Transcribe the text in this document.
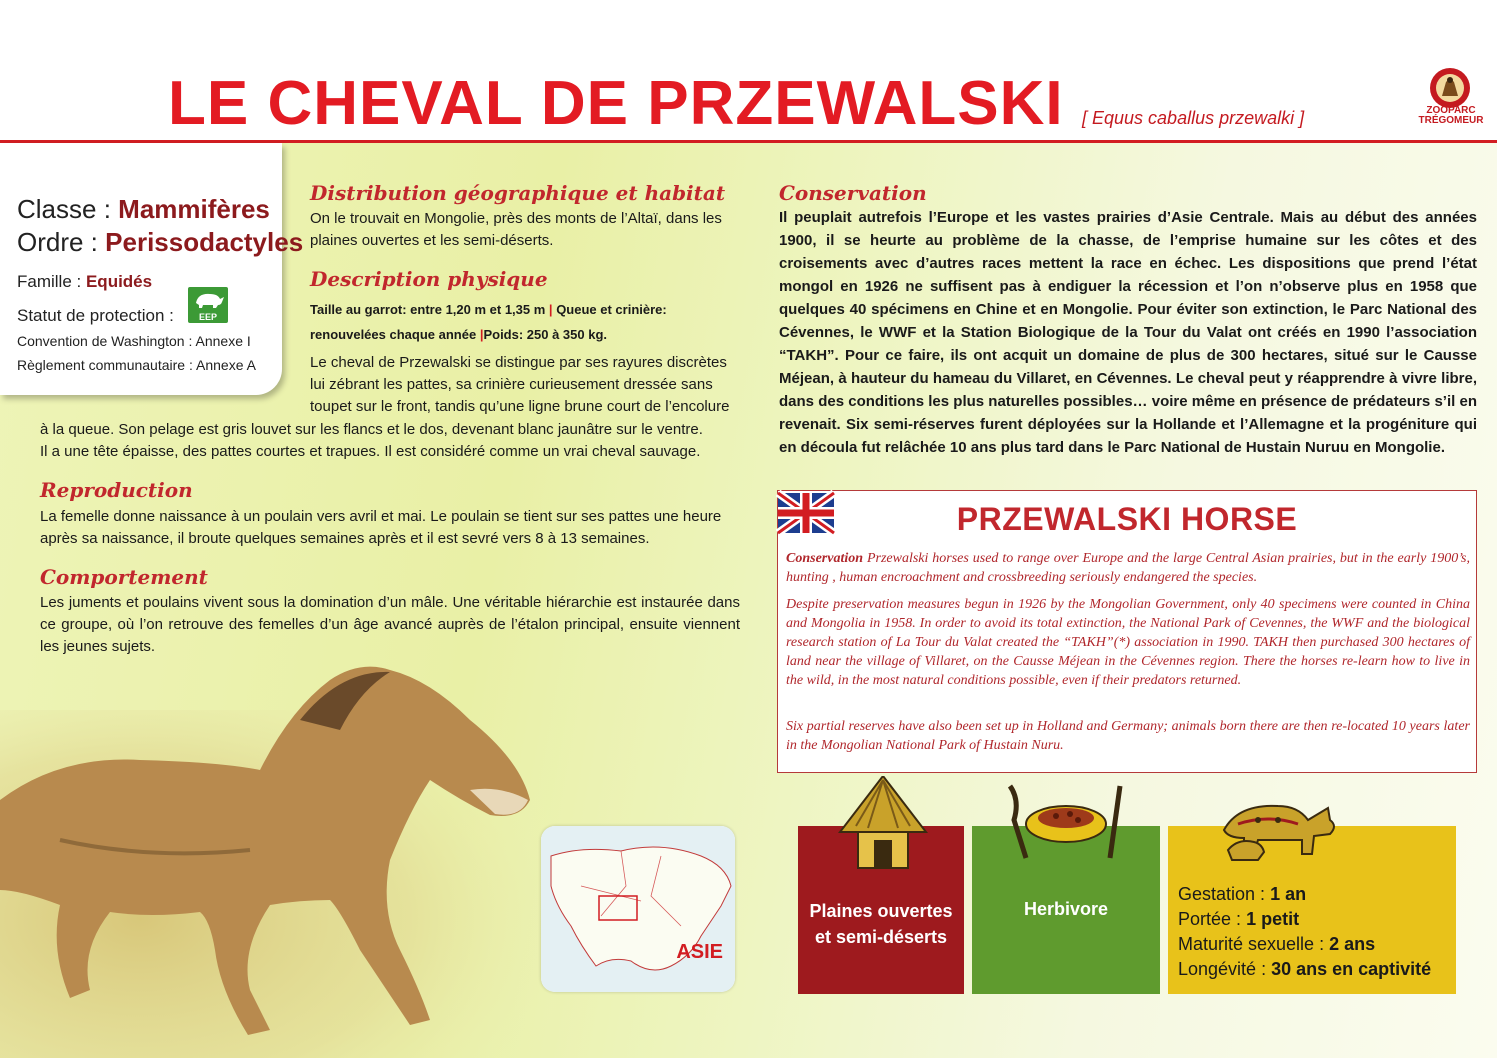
LE CHEVAL DE PRZEWALSKI [ Equus caballus przewalki ]	ZOOPARC TRÉGOMEUR
Classe : Mammifères
Ordre : Perissodactyles
Famille : Equidés
Statut de protection :
Convention de Washington : Annexe I
Règlement communautaire : Annexe A
EEP
Distribution géographique et habitat
On le trouvait en Mongolie, près des monts de l’Altaï, dans les plaines ouvertes et les semi-déserts.
Description physique
Taille au garrot: entre 1,20 m et 1,35 m | Queue et crinière: renouvelées chaque année |Poids: 250 à 350 kg.
Le cheval de Przewalski se distingue par ses rayures discrètes
lui zébrant les pattes, sa crinière curieusement dressée sans
toupet sur le front, tandis qu’une ligne brune court de l’encolure
à la queue. Son pelage est gris louvet sur les flancs et le dos, devenant blanc jaunâtre sur le ventre.
Il a une tête épaisse, des pattes courtes et trapues. Il est considéré comme un vrai cheval sauvage.
Reproduction
La femelle donne naissance à un poulain vers avril et mai. Le poulain se tient sur ses pattes une heure après sa naissance, il broute quelques semaines après et il est sevré vers 8 à 13 semaines.
Comportement
Les juments et poulains vivent sous la domination d’un mâle. Une véritable hiérarchie est instaurée dans ce groupe, où l’on retrouve des femelles d’un âge avancé auprès de l’étalon principal, ensuite viennent les jeunes sujets.
ASIE
Conservation
Il peuplait autrefois l’Europe et les vastes prairies d’Asie Centrale. Mais au début des années 1900, il se heurte au problème de la chasse, de l’emprise humaine sur les côtes et des croisements avec d’autres races mettent la race en échec. Les dispositions que prend l’état mongol en 1926 ne suffisent pas à endiguer la récession et l’on n’observe plus en 1958 que quelques 40 spécimens en Chine et en Mongolie. Pour éviter son extinction, le Parc National des Cévennes, le WWF et la Station Biologique de la Tour du Valat ont créés en 1990 l’association “TAKH”. Pour ce faire, ils ont acquit un domaine de plus de 300 hectares, situé sur le Causse Méjean, à hauteur du hameau du Villaret, en Cévennes. Le cheval peut y réapprendre à vivre libre, dans des conditions les plus naturelles possibles… voire même en présence de prédateurs s’il en revenait. Six semi-réserves furent déployées sur la Hollande et l’Allemagne et la progéniture qui en découla fut relâchée 10 ans plus tard dans le Parc National de Hustain Nuruu en Mongolie.
PRZEWALSKI HORSE
Conservation Przewalski horses used to range over Europe and the large Central Asian prairies, but in the early 1900’s, hunting , human encroachment and crossbreeding seriously endangered the species.
Despite preservation measures begun in 1926 by the Mongolian Government, only 40 specimens were counted in China and Mongolia in 1958. In order to avoid its total extinction, the National Park of Cevennes, the WWF and the biological research station of La Tour du Valat created the “TAKH”(*) association in 1990. TAKH then purchased 300 hectares of land near the village of Villaret, on the Causse Méjean in the Cévennes region. There the horses re-learn how to live in the wild, in the most natural conditions possible, even if their predators returned.
Six partial reserves have also been set up in Holland and Germany; animals born there are then re-located 10 years later in the Mongolian National Park of Hustain Nuru.
Plaines ouvertes et semi-déserts
Herbivore
Gestation : 1 an
Portée : 1 petit
Maturité sexuelle : 2 ans
Longévité : 30 ans en captivité
